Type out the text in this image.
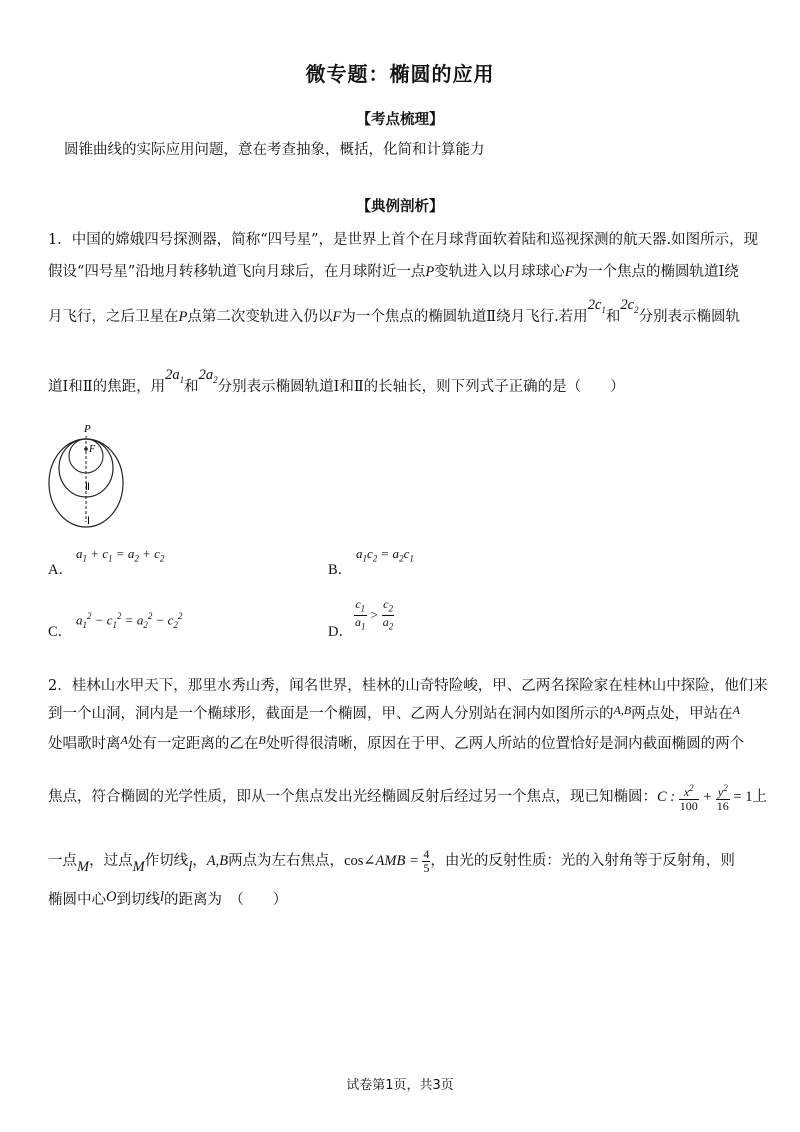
微专题：椭圆的应用
【考点梳理】
圆锥曲线的实际应用问题，意在考查抽象，概括，化简和计算能力
【典例剖析】
1．中国的嫦娥四号探测器，简称“四号星”，是世界上首个在月球背面软着陆和巡视探测的航天器.如图所示，现
假设“四号星”沿地月转移轨道飞向月球后，在月球附近一点P变轨进入以月球球心F为一个焦点的椭圆轨道Ⅰ绕
月飞行，之后卫星在P点第二次变轨进入仍以F为一个焦点的椭圆轨道Ⅱ绕月飞行.若用$2c_1$和$2c_2$分别表示椭圆轨
道Ⅰ和Ⅱ的焦距，用$2a_1$和$2a_2$分别表示椭圆轨道Ⅰ和Ⅱ的长轴长，则下列式子正确的是（　　）
P
F
Ⅱ
Ⅰ
A．
$a_1 + c_1 = a_2 + c_2$
B．
$a_1c_2 = a_2c_1$
C．
$a_1^2 - c_1^2 = a_2^2 - c_2^2$
D． $\frac{c_1}{a_1} > \frac{c_2}{a_2}$
2．桂林山水甲天下，那里水秀山秀，闻名世界，桂林的山奇特险峻，甲、乙两名探险家在桂林山中探险，他们来
到一个山洞，洞内是一个椭球形，截面是一个椭圆，甲、乙两人分别站在洞内如图所示的$^{A,B}$两点处，甲站在$^A$
处唱歌时离$^A$处有一定距离的乙在$^B$处听得很清晰，原因在于甲、乙两人所站的位置恰好是洞内截面椭圆的两个
焦点，符合椭圆的光学性质，即从一个焦点发出光经椭圆反射后经过另一个焦点，现已知椭圆：C : $\frac{x^2}{100} + \frac{y^2}{16} = 1$上
一点M，过点M作切线l，A,B两点为左右焦点，cos∠AMB = $\frac{4}{5}$ ，由光的反射性质：光的入射角等于反射角，则
椭圆中心O到切线l的距离为　（　　）
试卷第1页，共3页
